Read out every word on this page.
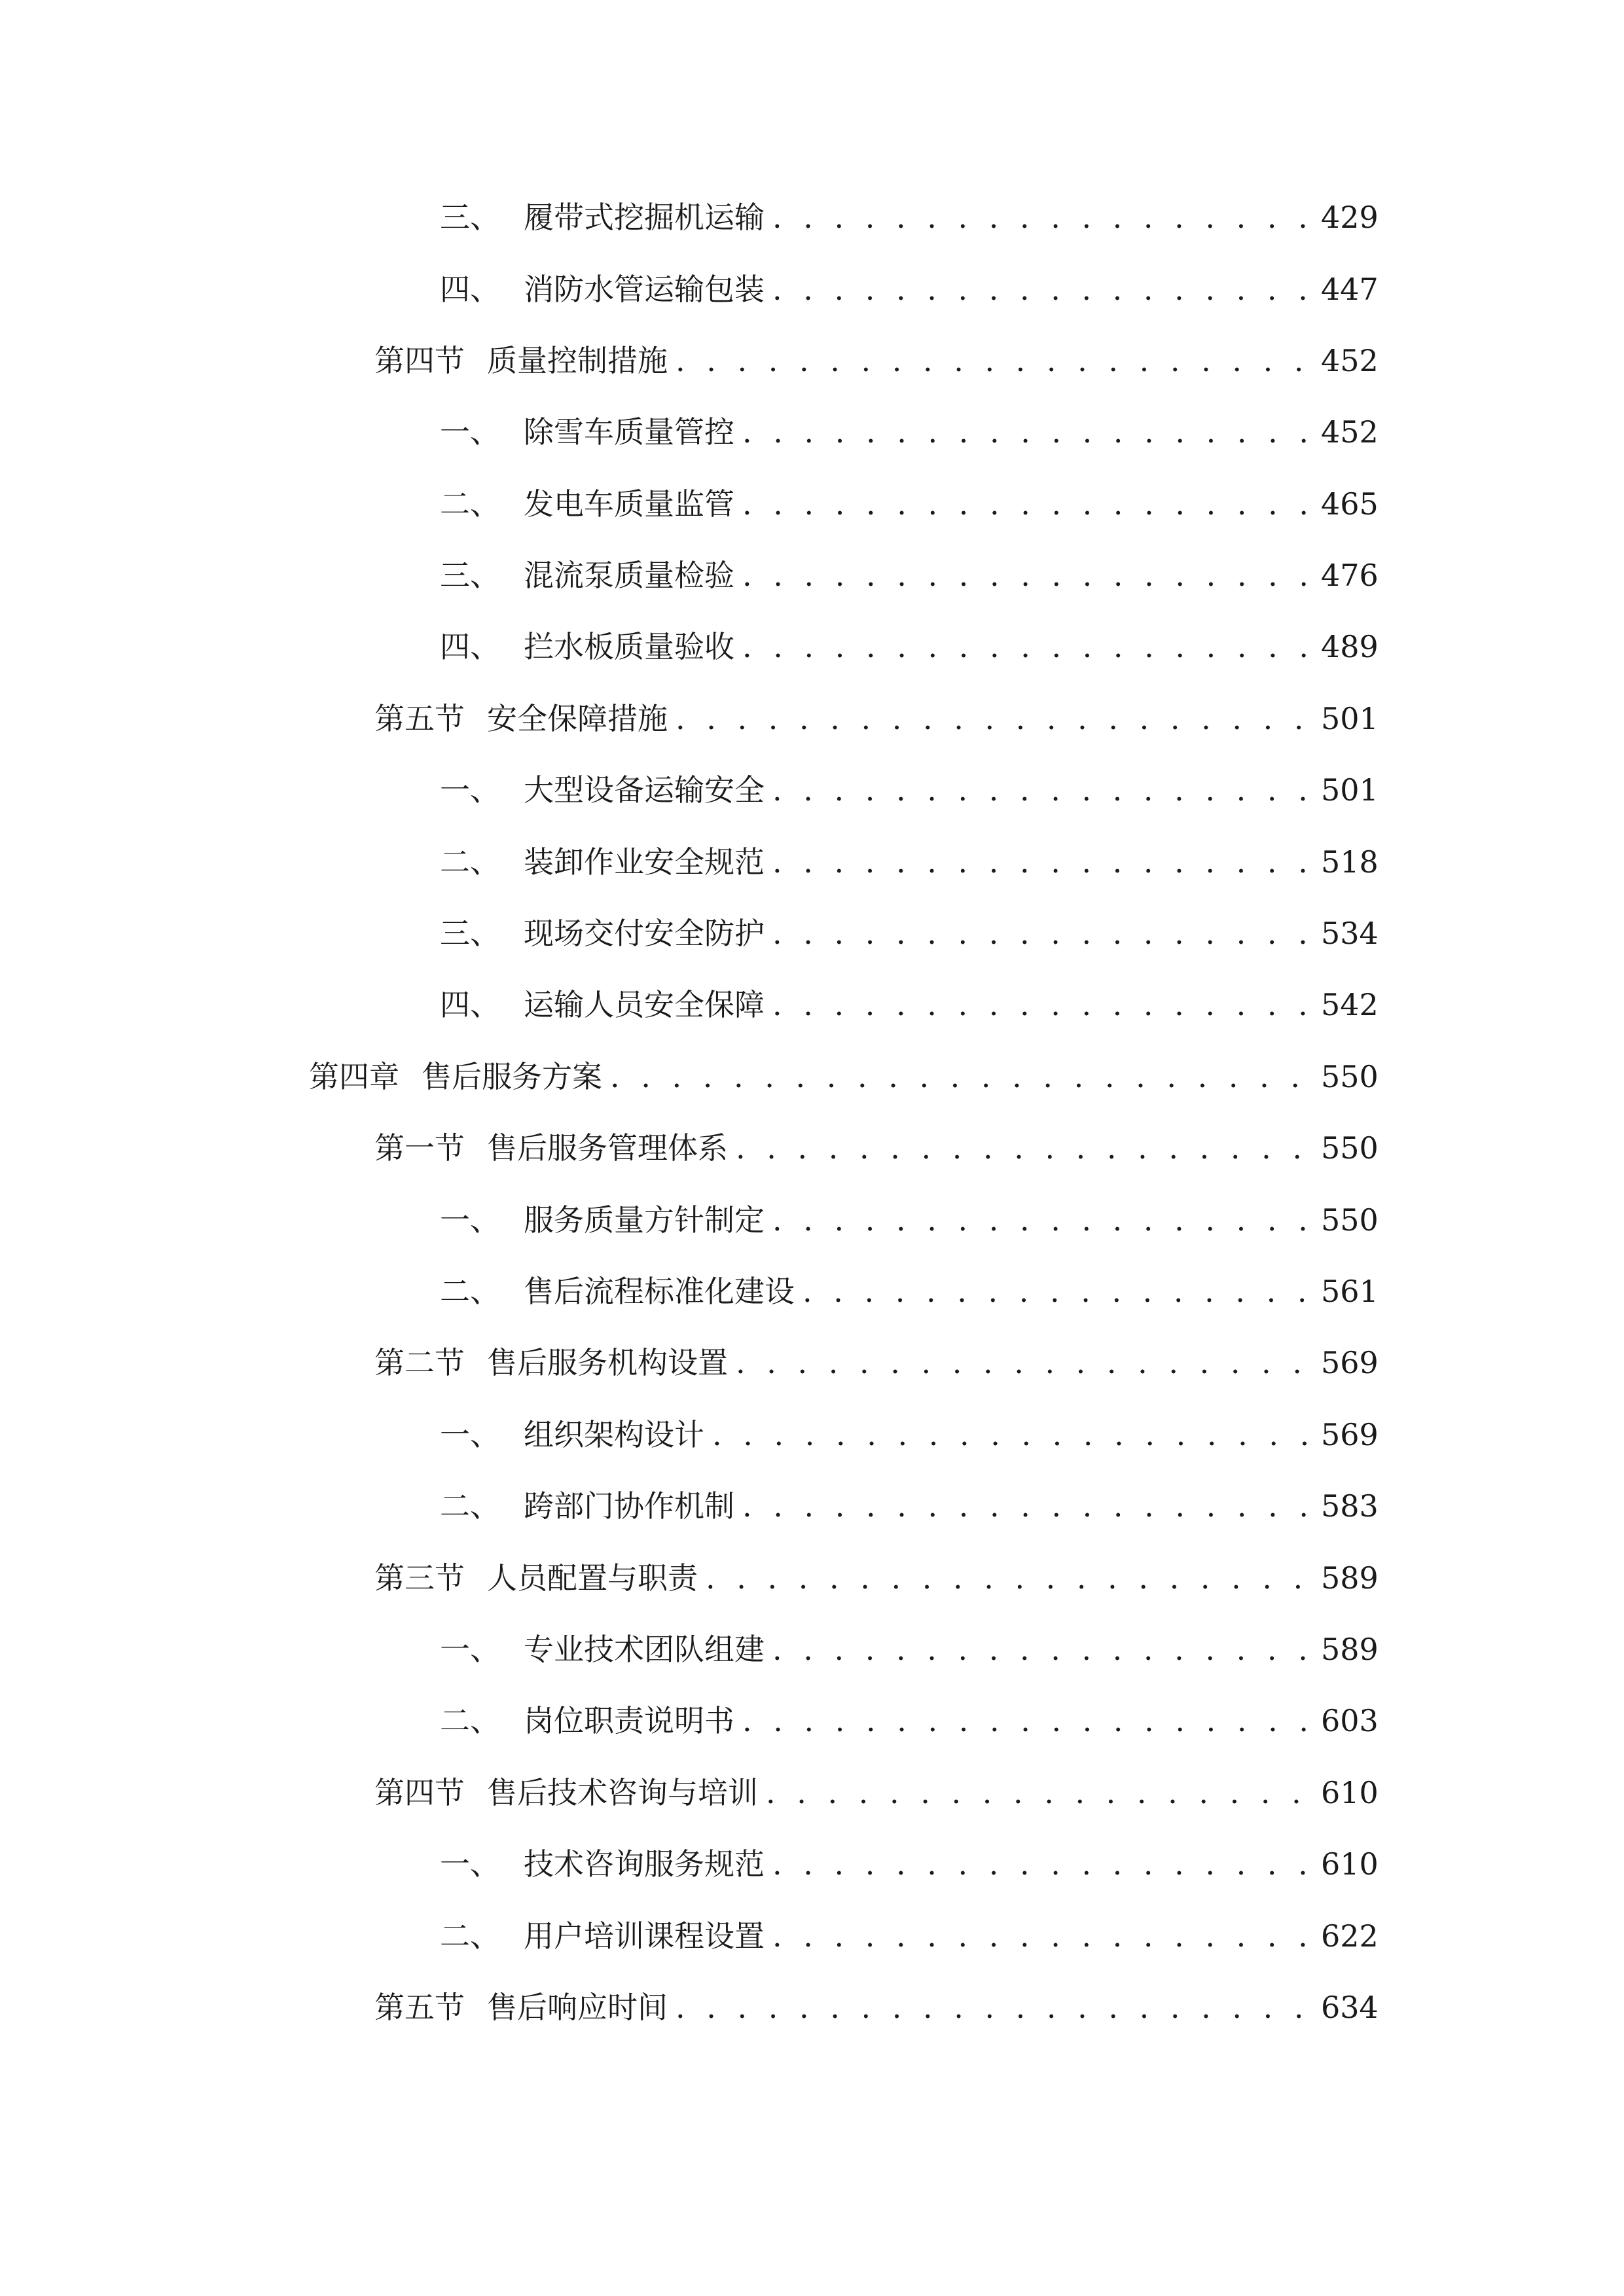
三、 履带式挖掘机运输 . . .	429
四、 消防水管运输包装 . . .	447
第四节 质量控制措施 . . .	452
一、 除雪车质量管控 . . .	452
二、 发电车质量监管 . . .	465
三、 混流泵质量检验 . . .	476
四、 拦水板质量验收 . . .	489
第五节 安全保障措施 . . .	501
一、 大型设备运输安全 . . .	501
二、 装卸作业安全规范 . . .	518
三、 现场交付安全防护 . . .	534
四、 运输人员安全保障 . . .	542
第四章 售后服务方案 . . .	550
第一节 售后服务管理体系 . . .	550
一、 服务质量方针制定 . . .	550
二、 售后流程标准化建设 . . .	561
第二节 售后服务机构设置 . . .	569
一、 组织架构设计 . . .	569
二、 跨部门协作机制 . . .	583
第三节 人员配置与职责 . . .	589
一、 专业技术团队组建 . . .	589
二、 岗位职责说明书 . . .	603
第四节 售后技术咨询与培训 . . .	610
一、 技术咨询服务规范 . . .	610
二、 用户培训课程设置 . . .	622
第五节 售后响应时间 . . .	634
